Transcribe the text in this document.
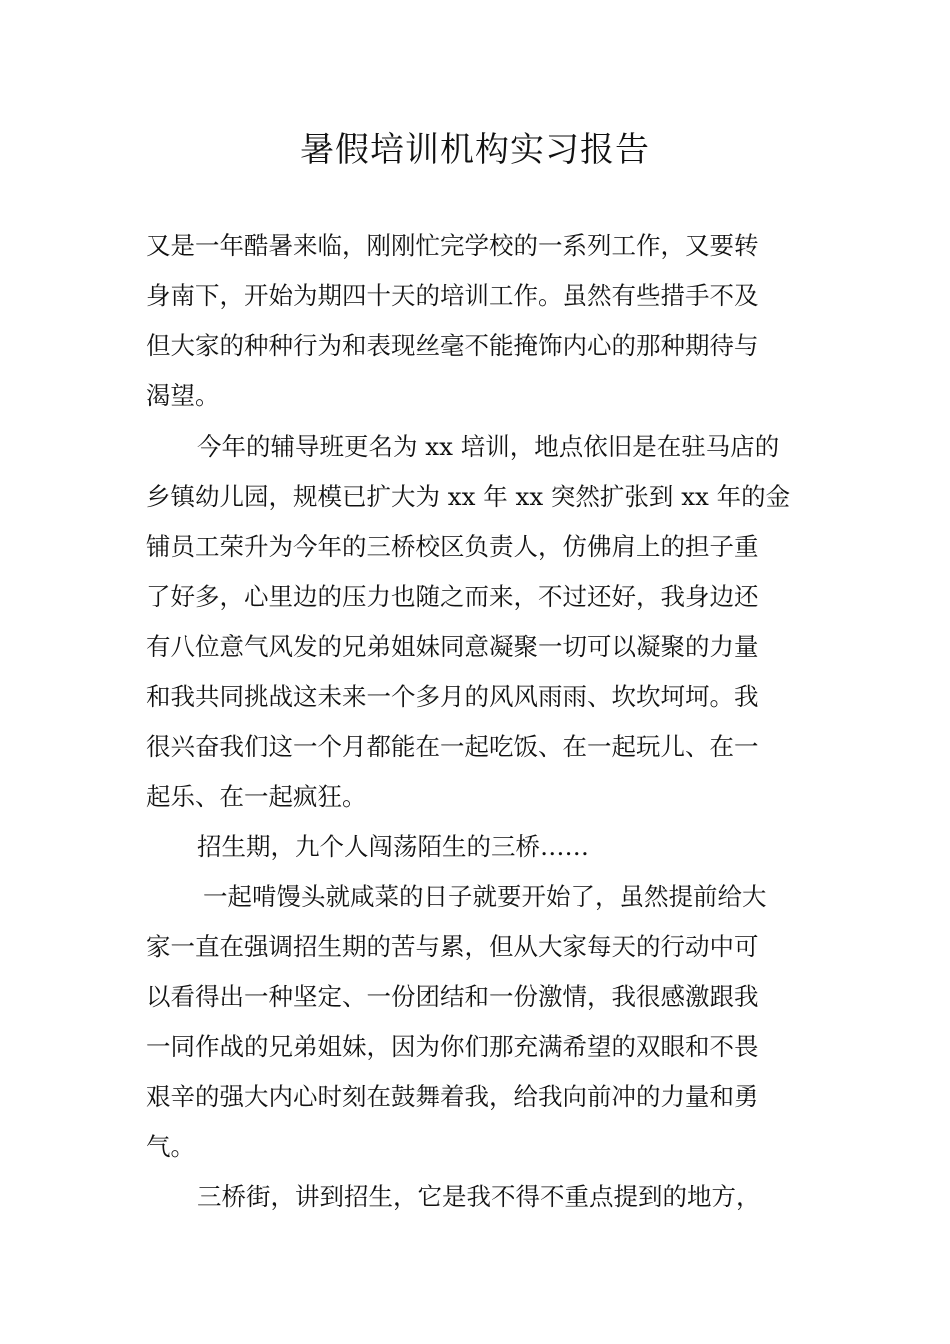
暑假培训机构实习报告
又是一年酷暑来临，刚刚忙完学校的一系列工作，又要转
身南下，开始为期四十天的培训工作。虽然有些措手不及
但大家的种种行为和表现丝毫不能掩饰内心的那种期待与
渴望。
今年的辅导班更名为 xx 培训，地点依旧是在驻马店的
乡镇幼儿园，规模已扩大为 xx 年 xx 突然扩张到 xx 年的金
铺员工荣升为今年的三桥校区负责人，仿佛肩上的担子重
了好多，心里边的压力也随之而来，不过还好，我身边还
有八位意气风发的兄弟姐妹同意凝聚一切可以凝聚的力量
和我共同挑战这未来一个多月的风风雨雨、坎坎坷坷。我
很兴奋我们这一个月都能在一起吃饭、在一起玩儿、在一
起乐、在一起疯狂。
招生期，九个人闯荡陌生的三桥……
一起啃馒头就咸菜的日子就要开始了，虽然提前给大
家一直在强调招生期的苦与累，但从大家每天的行动中可
以看得出一种坚定、一份团结和一份激情，我很感激跟我
一同作战的兄弟姐妹，因为你们那充满希望的双眼和不畏
艰辛的强大内心时刻在鼓舞着我，给我向前冲的力量和勇
气。
三桥街，讲到招生，它是我不得不重点提到的地方，
